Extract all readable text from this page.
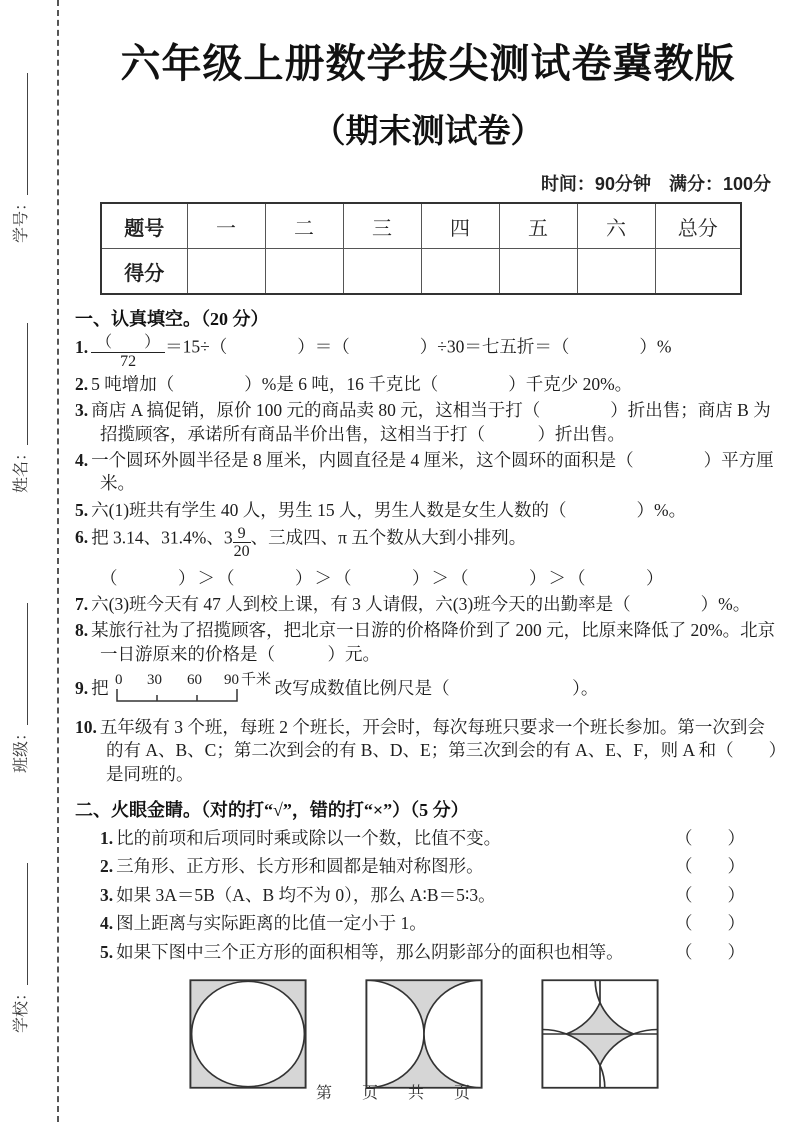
学号：
姓名：
班级：
学校：
六年级上册数学拔尖测试卷冀教版
（期末测试卷）
时间：90分钟　满分：100分
题号	一	二	三	四	五	六	总分
得分							
一、认真填空。（20 分）
1. $\frac{( )}{72} =15\div$（　　　　）＝（　　　　）÷30＝七五折＝（　　　　）%
2. 5 吨增加（　　　　）%是 6 吨，16 千克比（　　　　）千克少 20%。
3. 商店 A 搞促销，原价 100 元的商品卖 80 元，这相当于打（　　　　）折出售；商店 B 为招揽顾客，承诺所有商品半价出售，这相当于打（　　　）折出售。
4. 一个圆环外圆半径是 8 厘米，内圆直径是 4 厘米，这个圆环的面积是（　　　　）平方厘米。
5. 六(1)班共有学生 40 人，男生 15 人，男生人数是女生人数的（　　　　）%。
6. 把 3.14、31.4%、$3 \frac{9}{20}$ 、三成四、π 五个数从大到小排列。
（　　　）＞（　　　）＞（　　　）＞（　　　）＞（　　　）
7. 六(3)班今天有 47 人到校上课，有 3 人请假，六(3)班今天的出勤率是（　　　　）%。
8. 某旅行社为了招揽顾客，把北京一日游的价格降价到了 200 元，比原来降低了 20%。北京一日游原来的价格是（　　　）元。
9. 把 0 30 60 90 千米 改写成数值比例尺是（　　　　　　　）。
10. 五年级有 3 个班，每班 2 个班长，开会时，每次每班只要求一个班长参加。第一次到会的有 A、B、C；第二次到会的有 B、D、E；第三次到会的有 A、E、F，则 A 和（　　）是同班的。
二、火眼金睛。（对的打“√”，错的打“×”）（5 分）
1. 比的前项和后项同时乘或除以一个数，比值不变。	（　　）
2. 三角形、正方形、长方形和圆都是轴对称图形。	（　　）
3. 如果 3A＝5B（A、B 均不为 0），那么 A∶B＝5∶3。	（　　）
4. 图上距离与实际距离的比值一定小于 1。	（　　）
5. 如果下图中三个正方形的面积相等，那么阴影部分的面积也相等。	（　　）
第　页　共　页
